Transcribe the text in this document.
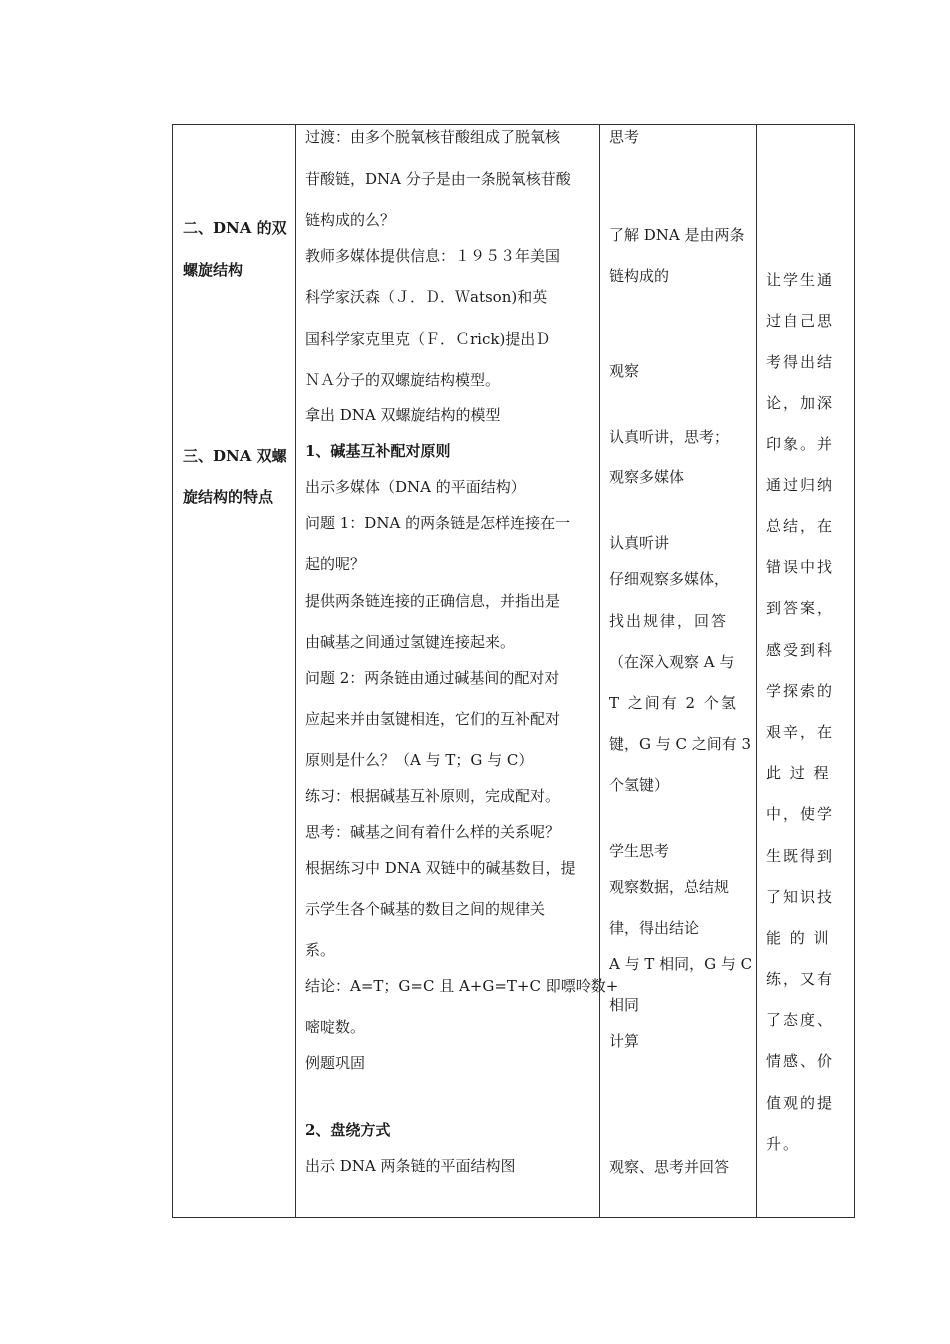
二、DNA 的双
螺旋结构
三、DNA 双螺
旋结构的特点
过渡：由多个脱氧核苷酸组成了脱氧核
苷酸链，DNA 分子是由一条脱氧核苷酸
链构成的么？
教师多媒体提供信息：１９５３年美国
科学家沃森（Ｊ．Ｄ．Ｗatson)和英
国科学家克里克（Ｆ．Ｃrick)提出Ｄ
ＮＡ分子的双螺旋结构模型。
拿出 DNA 双螺旋结构的模型
1、碱基互补配对原则
出示多媒体（DNA 的平面结构）
问题 1：DNA 的两条链是怎样连接在一
起的呢？
提供两条链连接的正确信息，并指出是
由碱基之间通过氢键连接起来。
问题 2：两条链由通过碱基间的配对对
应起来并由氢键相连，它们的互补配对
原则是什么？（A 与 T；G 与 C）
练习：根据碱基互补原则，完成配对。
思考：碱基之间有着什么样的关系呢？
根据练习中 DNA 双链中的碱基数目，提
示学生各个碱基的数目之间的规律关
系。
结论：A=T；G=C 且 A+G=T+C 即嘌呤数+
嘧啶数。
例题巩固
2、盘绕方式
出示 DNA 两条链的平面结构图
思考
了解 DNA 是由两条
链构成的
观察
认真听讲，思考；
观察多媒体
认真听讲
仔细观察多媒体，
找出规律，回答
（在深入观察 A 与
T 之间有 2 个氢
键，G 与 C 之间有 3
个氢键）
学生思考
观察数据，总结规
律，得出结论
A 与 T 相同，G 与 C
相同
计算
观察、思考并回答
让学生通
过自己思
考得出结
论，加深
印象。并
通过归纳
总结，在
错误中找
到答案，
感受到科
学探索的
艰辛，在
此 过 程
中，使学
生既得到
了知识技
能 的 训
练，又有
了态度、
情感、价
值观的提
升。
